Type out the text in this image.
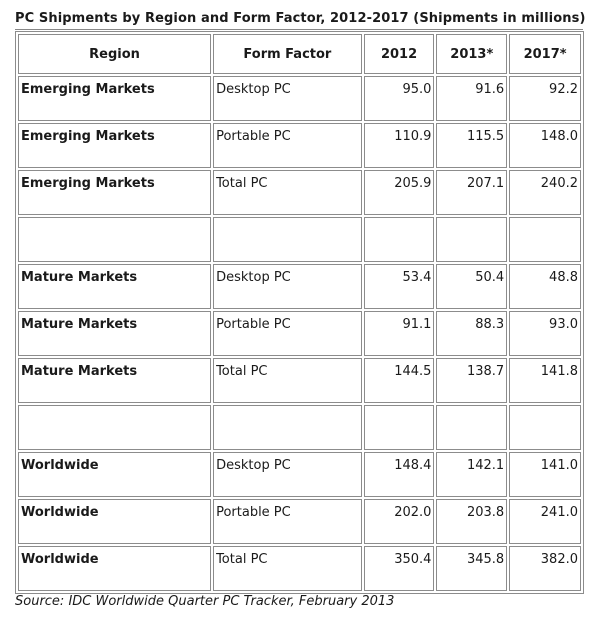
PC Shipments by Region and Form Factor, 2012-2017 (Shipments in millions)
Region	Form Factor	2012	2013*	2017*
Emerging Markets	Desktop PC	95.0	91.6	92.2
Emerging Markets	Portable PC	110.9	115.5	148.0
Emerging Markets	Total PC	205.9	207.1	240.2

Mature Markets	Desktop PC	53.4	50.4	48.8
Mature Markets	Portable PC	91.1	88.3	93.0
Mature Markets	Total PC	144.5	138.7	141.8

Worldwide	Desktop PC	148.4	142.1	141.0
Worldwide	Portable PC	202.0	203.8	241.0
Worldwide	Total PC	350.4	345.8	382.0
Source: IDC Worldwide Quarter PC Tracker, February 2013
